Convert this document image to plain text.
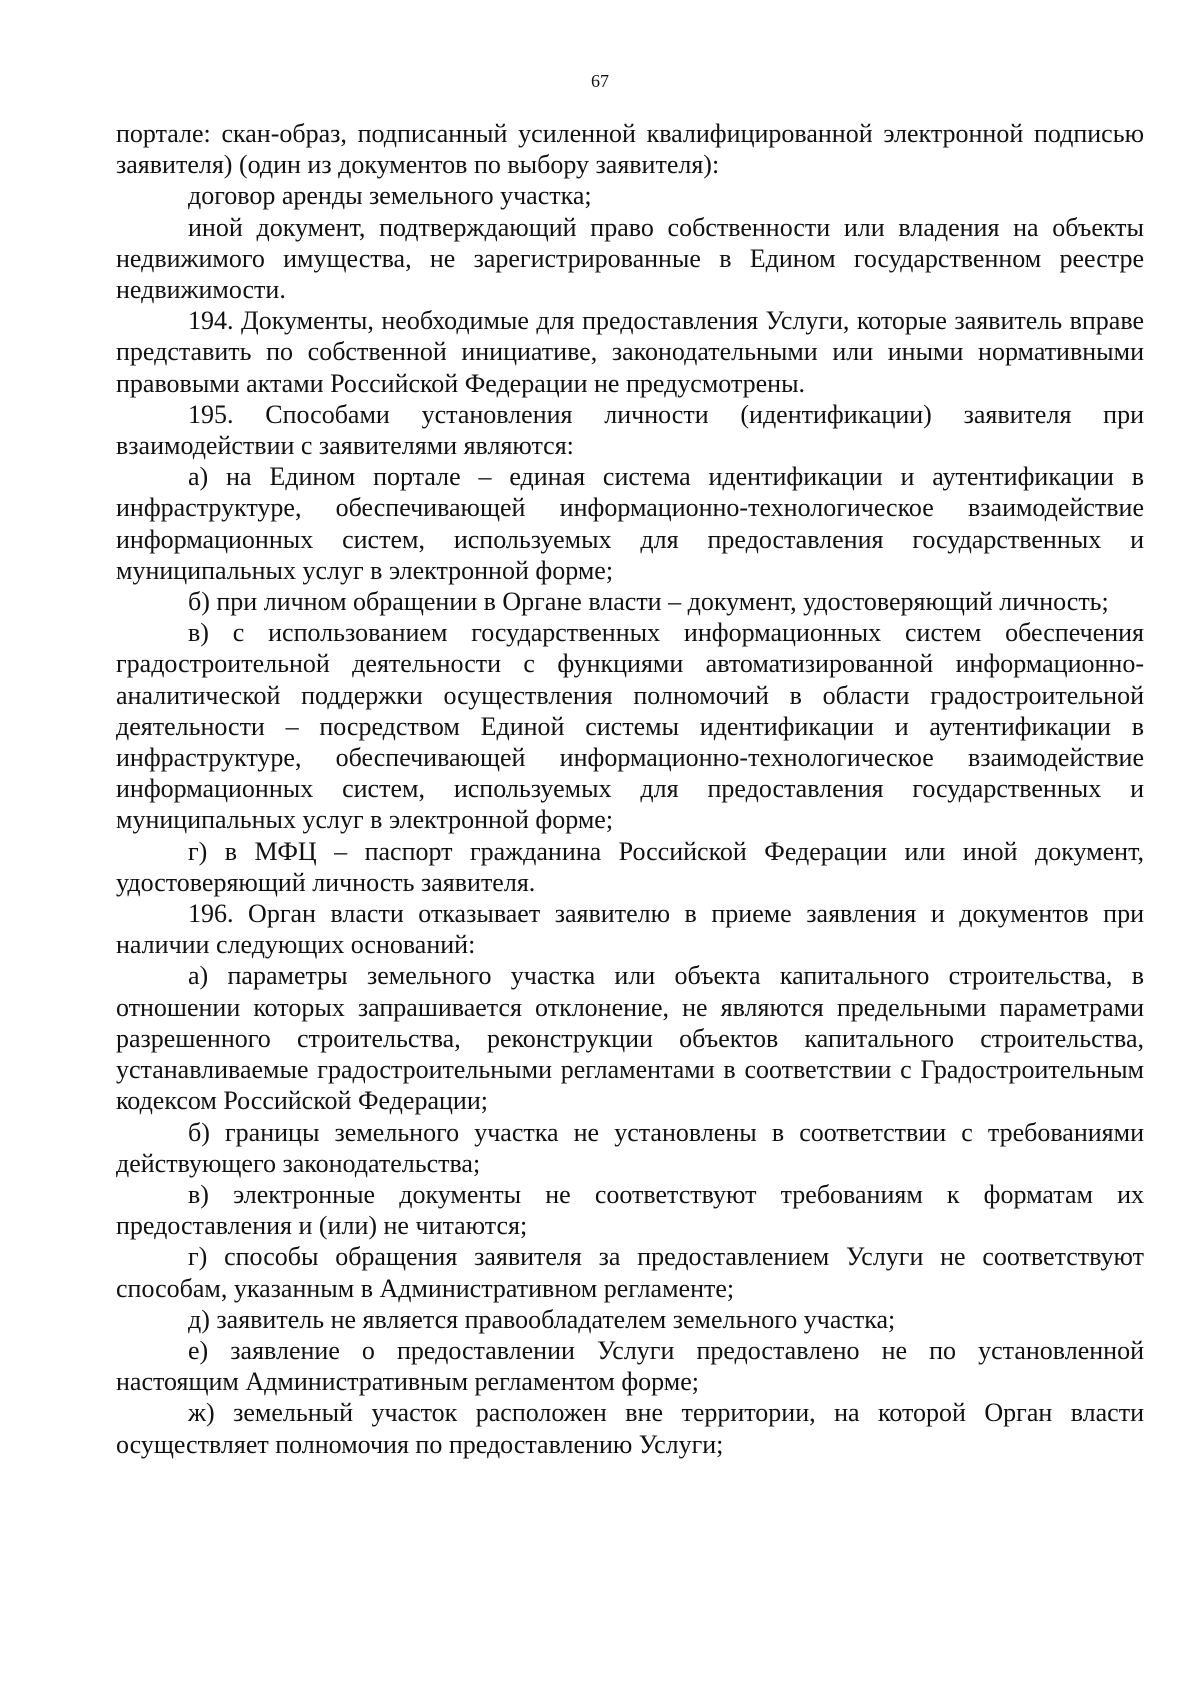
67

портале: скан-образ, подписанный усиленной квалифицированной электронной подписью заявителя) (один из документов по выбору заявителя):

договор аренды земельного участка;

иной документ, подтверждающий право собственности или владения на объекты недвижимого имущества, не зарегистрированные в Едином государственном реестре недвижимости.

194. Документы, необходимые для предоставления Услуги, которые заявитель вправе представить по собственной инициативе, законодательными или иными нормативными правовыми актами Российской Федерации не предусмотрены.

195. Способами установления личности (идентификации) заявителя при взаимодействии с заявителями являются:

а) на Едином портале – единая система идентификации и аутентификации в инфраструктуре, обеспечивающей информационно-технологическое взаимодействие информационных систем, используемых для предоставления государственных и муниципальных услуг в электронной форме;

б) при личном обращении в Органе власти – документ, удостоверяющий личность;

в) с использованием государственных информационных систем обеспечения градостроительной деятельности с функциями автоматизированной информационно-аналитической поддержки осуществления полномочий в области градостроительной деятельности – посредством Единой системы идентификации и аутентификации в инфраструктуре, обеспечивающей информационно-технологическое взаимодействие информационных систем, используемых для предоставления государственных и муниципальных услуг в электронной форме;

г) в МФЦ – паспорт гражданина Российской Федерации или иной документ, удостоверяющий личность заявителя.

196. Орган власти отказывает заявителю в приеме заявления и документов при наличии следующих оснований:

а) параметры земельного участка или объекта капитального строительства, в отношении которых запрашивается отклонение, не являются предельными параметрами разрешенного строительства, реконструкции объектов капитального строительства, устанавливаемые градостроительными регламентами в соответствии с Градостроительным кодексом Российской Федерации;

б) границы земельного участка не установлены в соответствии с требованиями действующего законодательства;

в) электронные документы не соответствуют требованиям к форматам их предоставления и (или) не читаются;

г) способы обращения заявителя за предоставлением Услуги не соответствуют способам, указанным в Административном регламенте;

д) заявитель не является правообладателем земельного участка;

е) заявление о предоставлении Услуги предоставлено не по установленной настоящим Административным регламентом форме;

ж) земельный участок расположен вне территории, на которой Орган власти осуществляет полномочия по предоставлению Услуги;
